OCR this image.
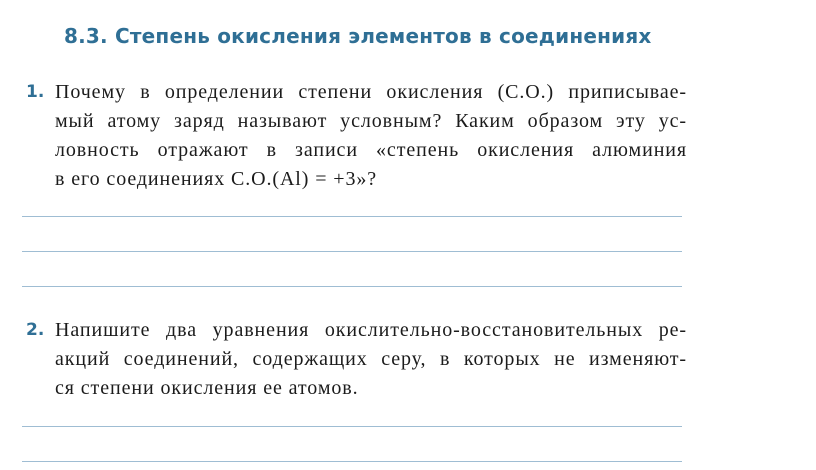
8.3. Степень окисления элементов в соединениях
1. Почему в определении степени окисления (С.О.) приписывае-
мый атому заряд называют условным? Каким образом эту ус-
ловность отражают в записи «степень окисления алюминия
в его соединениях С.О.(Al) = +3»?
2. Напишите два уравнения окислительно-восстановительных ре-
акций соединений, содержащих серу, в которых не изменяют-
ся степени окисления ее атомов.
